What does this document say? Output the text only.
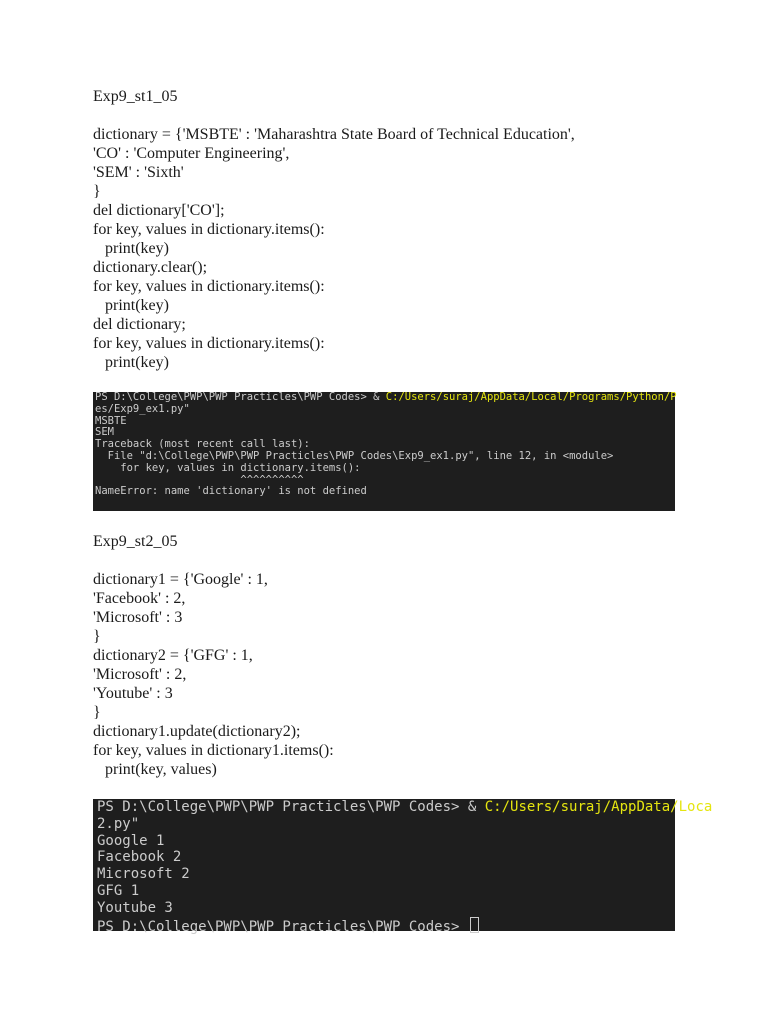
Exp9_st1_05
dictionary = {'MSBTE' : 'Maharashtra State Board of Technical Education',
'CO' : 'Computer Engineering',
'SEM' : 'Sixth'
}
del dictionary['CO'];
for key, values in dictionary.items():
print(key)
dictionary.clear();
for key, values in dictionary.items():
print(key)
del dictionary;
for key, values in dictionary.items():
print(key)
PS D:\College\PWP\PWP Practicles\PWP Codes> & C:/Users/suraj/AppData/Local/Programs/Python/P
es/Exp9_ex1.py"
MSBTE
SEM
Traceback (most recent call last):
File "d:\College\PWP\PWP Practicles\PWP Codes\Exp9_ex1.py", line 12, in <module>
for key, values in dictionary.items():
^^^^^^^^^^
NameError: name 'dictionary' is not defined
Exp9_st2_05
dictionary1 = {'Google' : 1,
'Facebook' : 2,
'Microsoft' : 3
}
dictionary2 = {'GFG' : 1,
'Microsoft' : 2,
'Youtube' : 3
}
dictionary1.update(dictionary2);
for key, values in dictionary1.items():
print(key, values)
PS D:\College\PWP\PWP Practicles\PWP Codes> & C:/Users/suraj/AppData/Loca
2.py"
Google 1
Facebook 2
Microsoft 2
GFG 1
Youtube 3
PS D:\College\PWP\PWP Practicles\PWP Codes>
